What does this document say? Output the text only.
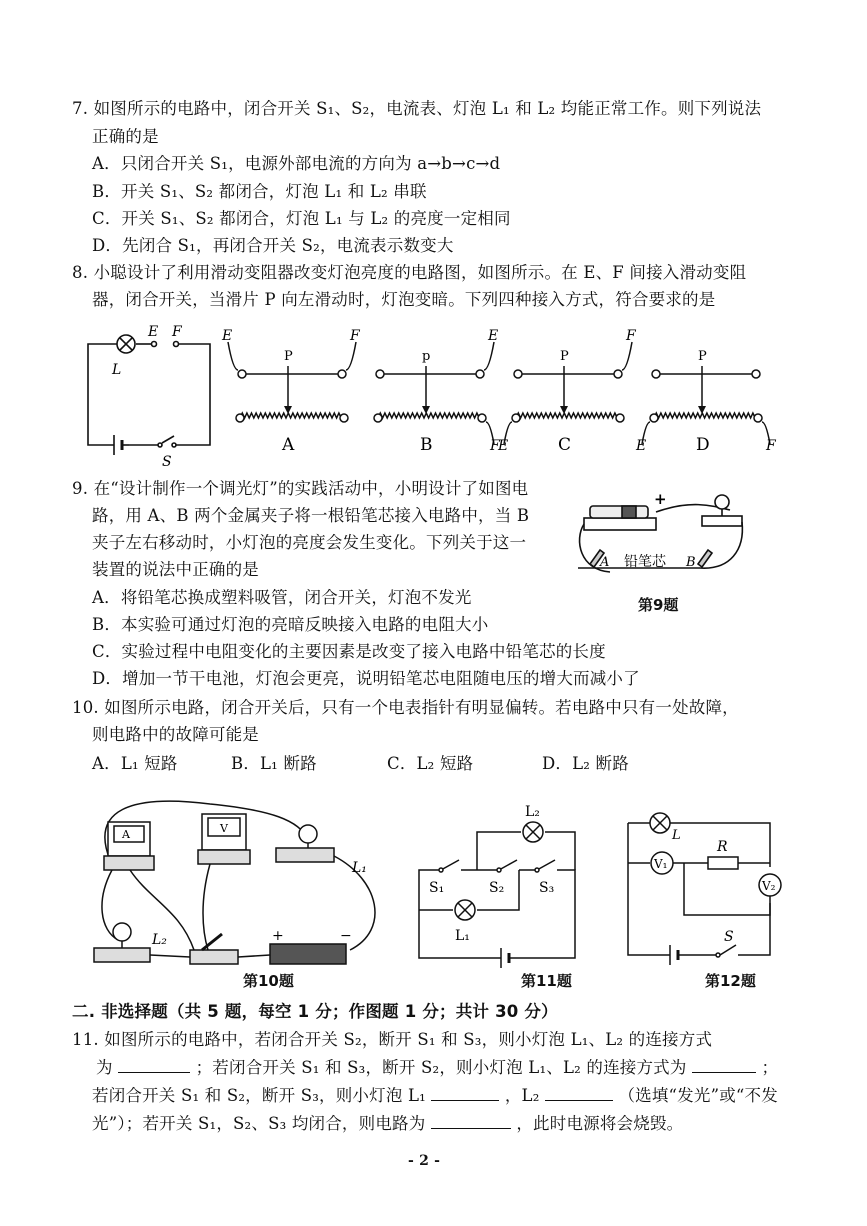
7. 如图所示的电路中，闭合开关 S₁、S₂，电流表、灯泡 L₁ 和 L₂ 均能正常工作。则下列说法
正确的是
A．只闭合开关 S₁，电源外部电流的方向为 a→b→c→d
B．开关 S₁、S₂ 都闭合，灯泡 L₁ 和 L₂ 串联
C．开关 S₁、S₂ 都闭合，灯泡 L₁ 与 L₂ 的亮度一定相同
D．先闭合 S₁，再闭合开关 S₂，电流表示数变大
8. 小聪设计了利用滑动变阻器改变灯泡亮度的电路图，如图所示。在 E、F 间接入滑动变阻
器，闭合开关，当滑片 P 向左滑动时，灯泡变暗。下列四种接入方式，符合要求的是
E F
L
S
P
E	F
A
p
E
F
B
P
F
E	C
P
E	F
D
9. 在“设计制作一个调光灯”的实践活动中，小明设计了如图电
路，用 A、B 两个金属夹子将一根铅笔芯接入电路中，当 B
夹子左右移动时，小灯泡的亮度会发生变化。下列关于这一
装置的说法中正确的是
A．将铅笔芯换成塑料吸管，闭合开关，灯泡不发光
B．本实验可通过灯泡的亮暗反映接入电路的电阻大小
C．实验过程中电阻变化的主要因素是改变了接入电路中铅笔芯的长度
D．增加一节干电池，灯泡会更亮，说明铅笔芯电阻随电压的增大而减小了
+
A 铅笔芯 B
第9题
10. 如图所示电路，闭合开关后，只有一个电表指针有明显偏转。若电路中只有一处故障，
则电路中的故障可能是
A．L₁ 短路	B．L₁ 断路	C．L₂ 短路	D．L₂ 断路
A	V
L₁
L₂	+	−
第10题
L₂
S₁	S₂ S₃
L₁
第11题
L
V₁
V₂
R
S
第12题
二. 非选择题（共 5 题，每空 1 分；作图题 1 分；共计 30 分）
11. 如图所示的电路中，若闭合开关 S₂，断开 S₁ 和 S₃，则小灯泡 L₁、L₂ 的连接方式
为	；若闭合开关 S₁ 和 S₃，断开 S₂，则小灯泡 L₁、L₂ 的连接方式为	；
若闭合开关 S₁ 和 S₂，断开 S₃，则小灯泡 L₁	，L₂	（选填“发光”或“不发
光”）；若开关 S₁，S₂、S₃ 均闭合，则电路为	，此时电源将会烧毁。
- 2 -
